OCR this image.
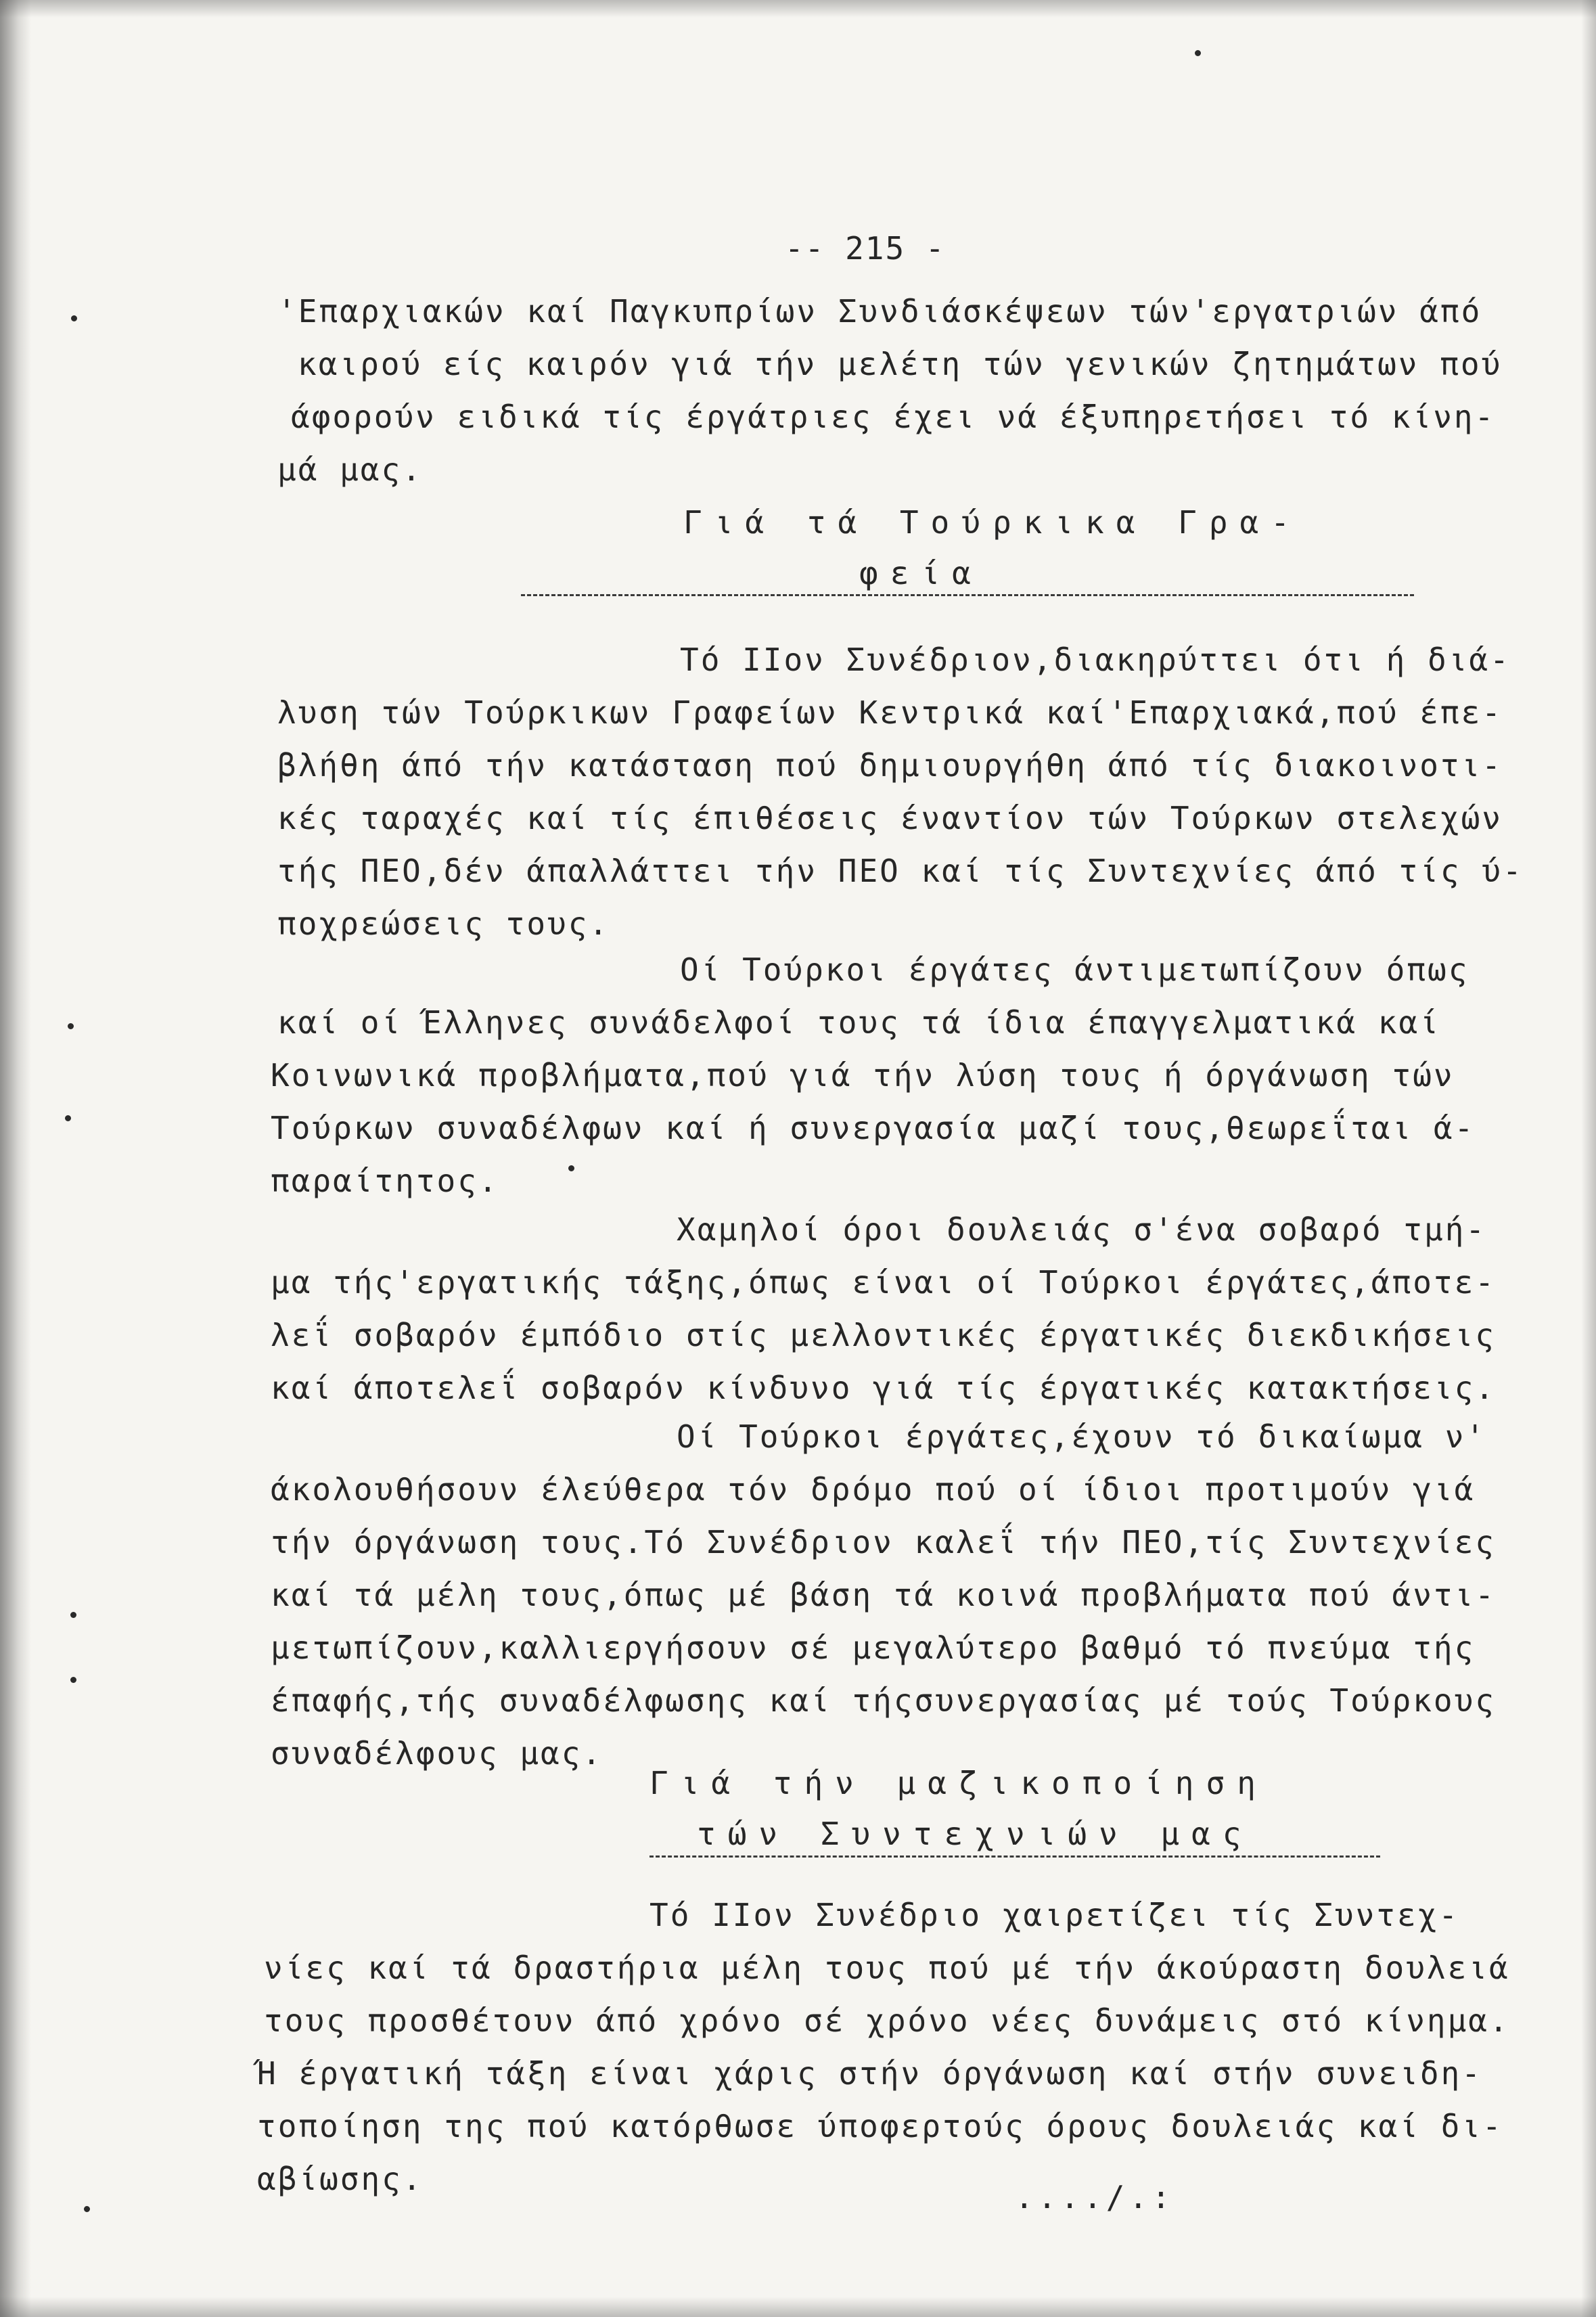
-- 215 -
'Επαρχιακών καί Παγκυπρίων Συνδιάσκέψεων τών'εργατριών άπό
καιρού είς καιρόν γιά τήν μελέτη τών γενικών ζητημάτων πού
άφορούν ειδικά τίς έργάτριες έχει νά έξυπηρετήσει τό κίνη-
μά μας.
Γιά τά Τούρκικα Γρα-
φεία
Τό ΙΙον Συνέδριον,διακηρύττει ότι ή διά-
λυση τών Τούρκικων Γραφείων Κεντρικά καί'Επαρχιακά,πού έπε-
βλήθη άπό τήν κατάσταση πού δημιουργήθη άπό τίς διακοινοτι-
κές ταραχές καί τίς έπιθέσεις έναντίον τών Τούρκων στελεχών
τής ΠΕΟ,δέν άπαλλάττει τήν ΠΕΟ καί τίς Συντεχνίες άπό τίς ύ-
ποχρεώσεις τους.
Οί Τούρκοι έργάτες άντιμετωπίζουν όπως
καί οί Έλληνες συνάδελφοί τους τά ίδια έπαγγελματικά καί
Κοινωνικά προβλήματα,πού γιά τήν λύση τους ή όργάνωση τών
Τούρκων συναδέλφων καί ή συνεργασία μαζί τους,θεωρεΐται ά-
παραίτητος.
Χαμηλοί όροι δουλειάς σ'ένα σοβαρό τμή-
μα τής'εργατικής τάξης,όπως είναι οί Τούρκοι έργάτες,άποτε-
λεΐ σοβαρόν έμπόδιο στίς μελλοντικές έργατικές διεκδικήσεις
καί άποτελεΐ σοβαρόν κίνδυνο γιά τίς έργατικές κατακτήσεις.
Οί Τούρκοι έργάτες,έχουν τό δικαίωμα ν'
άκολουθήσουν έλεύθερα τόν δρόμο πού οί ίδιοι προτιμούν γιά
τήν όργάνωση τους.Τό Συνέδριον καλεΐ τήν ΠΕΟ,τίς Συντεχνίες
καί τά μέλη τους,όπως μέ βάση τά κοινά προβλήματα πού άντι-
μετωπίζουν,καλλιεργήσουν σέ μεγαλύτερο βαθμό τό πνεύμα τής
έπαφής,τής συναδέλφωσης καί τήςσυνεργασίας μέ τούς Τούρκους
συναδέλφους μας.
Γιά τήν μαζικοποίηση
τών Συντεχνιών μας
Τό ΙΙον Συνέδριο χαιρετίζει τίς Συντεχ-
νίες καί τά δραστήρια μέλη τους πού μέ τήν άκούραστη δουλειά
τους προσθέτουν άπό χρόνο σέ χρόνο νέες δυνάμεις στό κίνημα.
Ή έργατική τάξη είναι χάρις στήν όργάνωση καί στήν συνειδη-
τοποίηση της πού κατόρθωσε ύποφερτούς όρους δουλειάς καί δι-
αβίωσης.	..../.:
